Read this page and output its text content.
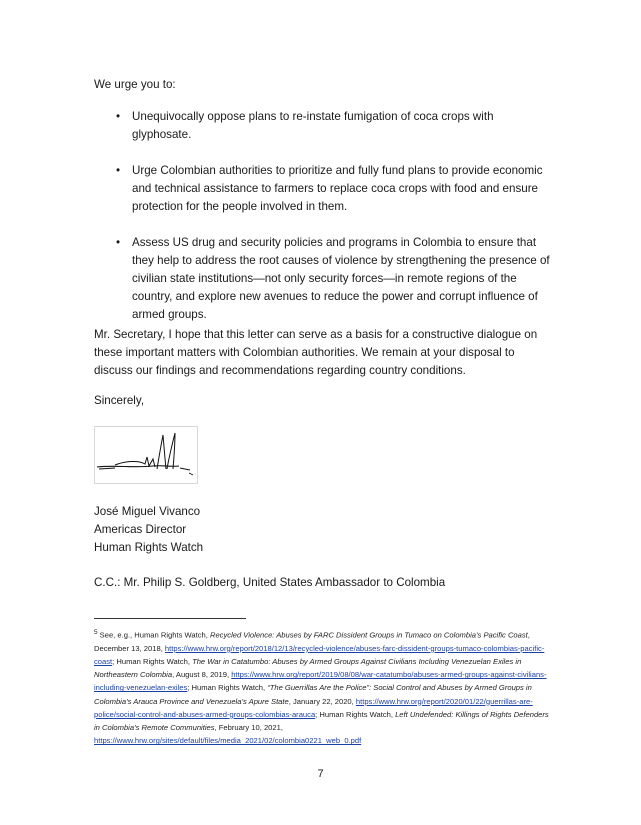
We urge you to:

• Unequivocally oppose plans to re-instate fumigation of coca crops with glyphosate.
• Urge Colombian authorities to prioritize and fully fund plans to provide economic and technical assistance to farmers to replace coca crops with food and ensure protection for the people involved in them.
• Assess US drug and security policies and programs in Colombia to ensure that they help to address the root causes of violence by strengthening the presence of civilian state institutions—not only security forces—in remote regions of the country, and explore new avenues to reduce the power and corrupt influence of armed groups.

Mr. Secretary, I hope that this letter can serve as a basis for a constructive dialogue on these important matters with Colombian authorities. We remain at your disposal to discuss our findings and recommendations regarding country conditions.

Sincerely,

José Miguel Vivanco
Americas Director
Human Rights Watch

C.C.: Mr. Philip S. Goldberg, United States Ambassador to Colombia

$^5$ See, e.g., Human Rights Watch, Recycled Violence: Abuses by FARC Dissident Groups in Tumaco on Colombia’s Pacific Coast, December 13, 2018, https://www.hrw.org/report/2018/12/13/recycled-violence/abuses-farc-dissident-groups-tumaco-colombias-pacific-coast; Human Rights Watch, The War in Catatumbo: Abuses by Armed Groups Against Civilians Including Venezuelan Exiles in Northeastern Colombia, August 8, 2019, https://www.hrw.org/report/2019/08/08/war-catatumbo/abuses-armed-groups-against-civilians-including-venezuelan-exiles; Human Rights Watch, “The Guerrillas Are the Police”: Social Control and Abuses by Armed Groups in Colombia’s Arauca Province and Venezuela’s Apure State, January 22, 2020, https://www.hrw.org/report/2020/01/22/guerrillas-are-police/social-control-and-abuses-armed-groups-colombias-arauca; Human Rights Watch, Left Undefended: Killings of Rights Defenders in Colombia’s Remote Communities, February 10, 2021, https://www.hrw.org/sites/default/files/media_2021/02/colombia0221_web_0.pdf
7
